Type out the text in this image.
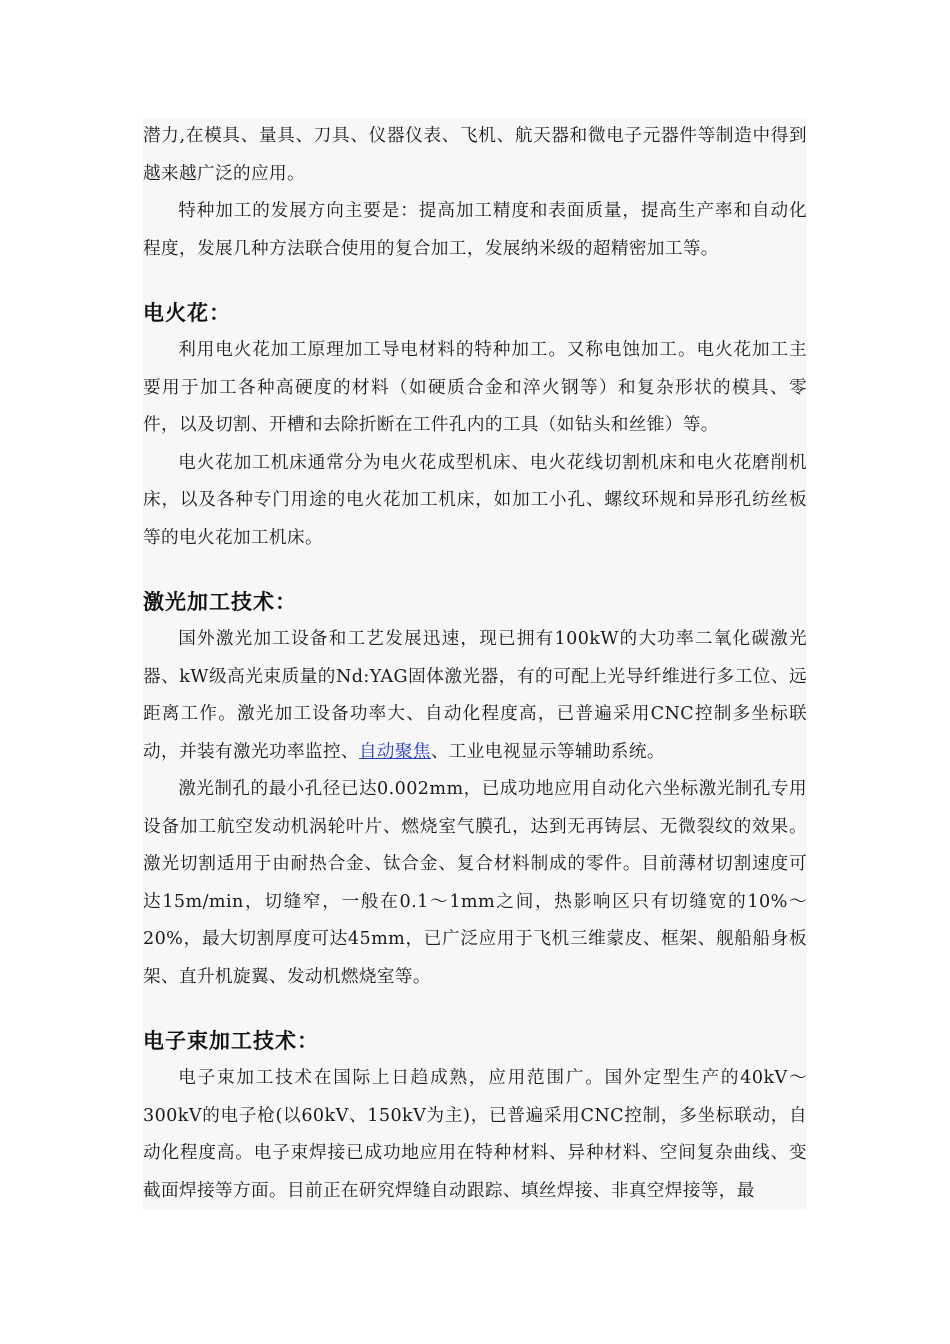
潜力,在模具、量具、刀具、仪器仪表、飞机、航天器和微电子元器件等制造中得到越来越广泛的应用。

特种加工的发展方向主要是：提高加工精度和表面质量，提高生产率和自动化程度，发展几种方法联合使用的复合加工，发展纳米级的超精密加工等。

电火花：

利用电火花加工原理加工导电材料的特种加工。又称电蚀加工。电火花加工主要用于加工各种高硬度的材料（如硬质合金和淬火钢等）和复杂形状的模具、零件，以及切割、开槽和去除折断在工件孔内的工具（如钻头和丝锥）等。

电火花加工机床通常分为电火花成型机床、电火花线切割机床和电火花磨削机床，以及各种专门用途的电火花加工机床，如加工小孔、螺纹环规和异形孔纺丝板等的电火花加工机床。

激光加工技术：

国外激光加工设备和工艺发展迅速，现已拥有100kW的大功率二氧化碳激光器、kW级高光束质量的Nd:YAG固体激光器，有的可配上光导纤维进行多工位、远距离工作。激光加工设备功率大、自动化程度高，已普遍采用CNC控制多坐标联动，并装有激光功率监控、自动聚焦、工业电视显示等辅助系统。

激光制孔的最小孔径已达0.002mm，已成功地应用自动化六坐标激光制孔专用设备加工航空发动机涡轮叶片、燃烧室气膜孔，达到无再铸层、无微裂纹的效果。激光切割适用于由耐热合金、钛合金、复合材料制成的零件。目前薄材切割速度可达15m/min，切缝窄，一般在0.1～1mm之间，热影响区只有切缝宽的10%～20%，最大切割厚度可达45mm，已广泛应用于飞机三维蒙皮、框架、舰船船身板架、直升机旋翼、发动机燃烧室等。

电子束加工技术：

电子束加工技术在国际上日趋成熟，应用范围广。国外定型生产的40kV～300kV的电子枪(以60kV、150kV为主)，已普遍采用CNC控制，多坐标联动，自动化程度高。电子束焊接已成功地应用在特种材料、异种材料、空间复杂曲线、变截面焊接等方面。目前正在研究焊缝自动跟踪、填丝焊接、非真空焊接等，最
